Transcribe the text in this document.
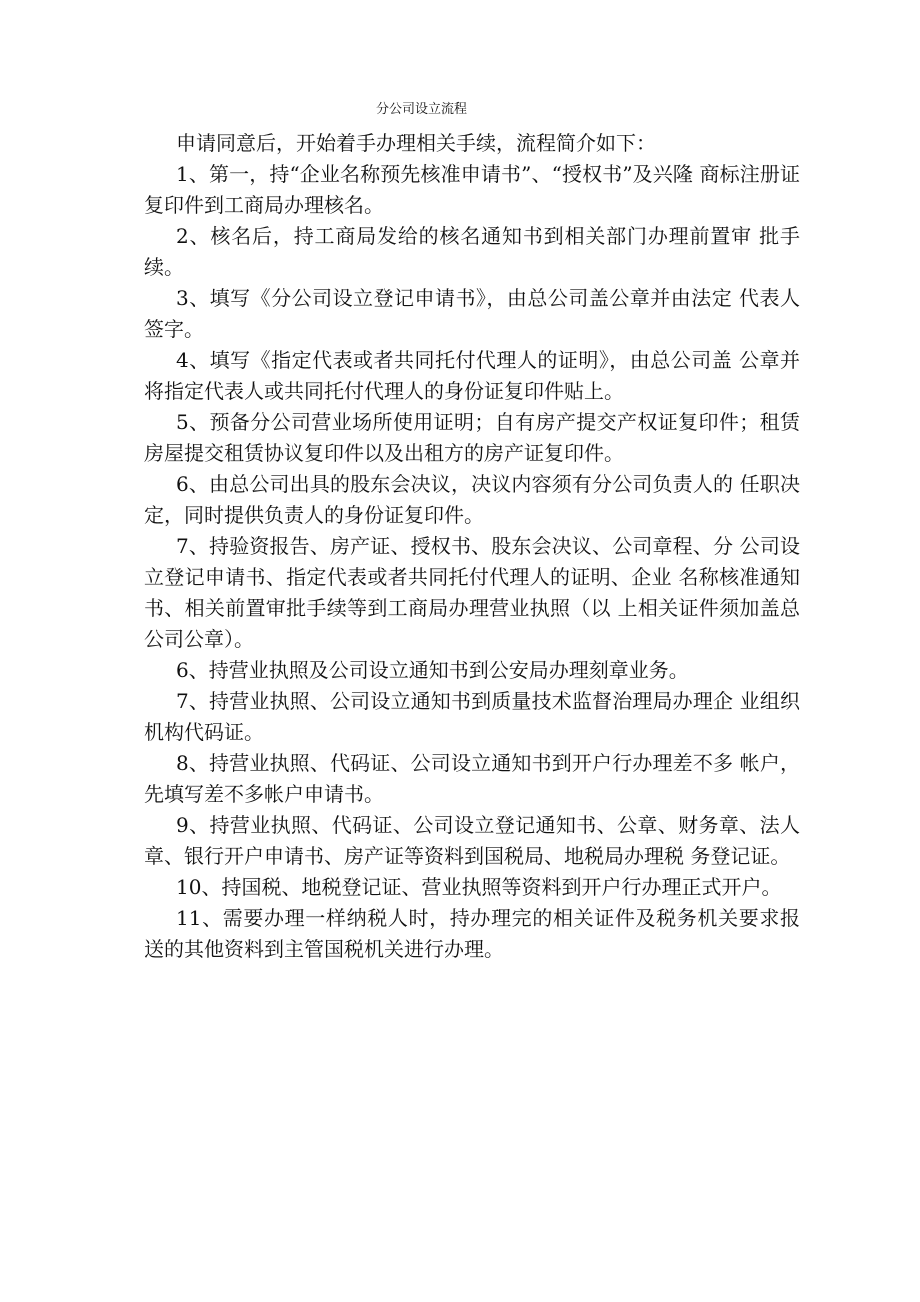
分公司设立流程

申请同意后，开始着手办理相关手续，流程简介如下：

1、第一，持“企业名称预先核准申请书”、“授权书”及兴隆 商标注册证复印件到工商局办理核名。

2、核名后，持工商局发给的核名通知书到相关部门办理前置审 批手续。

3、填写《分公司设立登记申请书》，由总公司盖公章并由法定 代表人签字。

4、填写《指定代表或者共同托付代理人的证明》，由总公司盖 公章并将指定代表人或共同托付代理人的身份证复印件贴上。

5、预备分公司营业场所使用证明；自有房产提交产权证复印件；租赁房屋提交租赁协议复印件以及出租方的房产证复印件。

6、由总公司出具的股东会决议，决议内容须有分公司负责人的 任职决定，同时提供负责人的身份证复印件。

7、持验资报告、房产证、授权书、股东会决议、公司章程、分 公司设立登记申请书、指定代表或者共同托付代理人的证明、企业 名称核准通知书、相关前置审批手续等到工商局办理营业执照（以 上相关证件须加盖总公司公章）。

6、持营业执照及公司设立通知书到公安局办理刻章业务。

7、持营业执照、公司设立通知书到质量技术监督治理局办理企 业组织机构代码证。

8、持营业执照、代码证、公司设立通知书到开户行办理差不多 帐户，先填写差不多帐户申请书。

9、持营业执照、代码证、公司设立登记通知书、公章、财务章、法人章、银行开户申请书、房产证等资料到国税局、地税局办理税 务登记证。

10、持国税、地税登记证、营业执照等资料到开户行办理正式开户。

11、需要办理一样纳税人时，持办理完的相关证件及税务机关要求报送的其他资料到主管国税机关进行办理。
